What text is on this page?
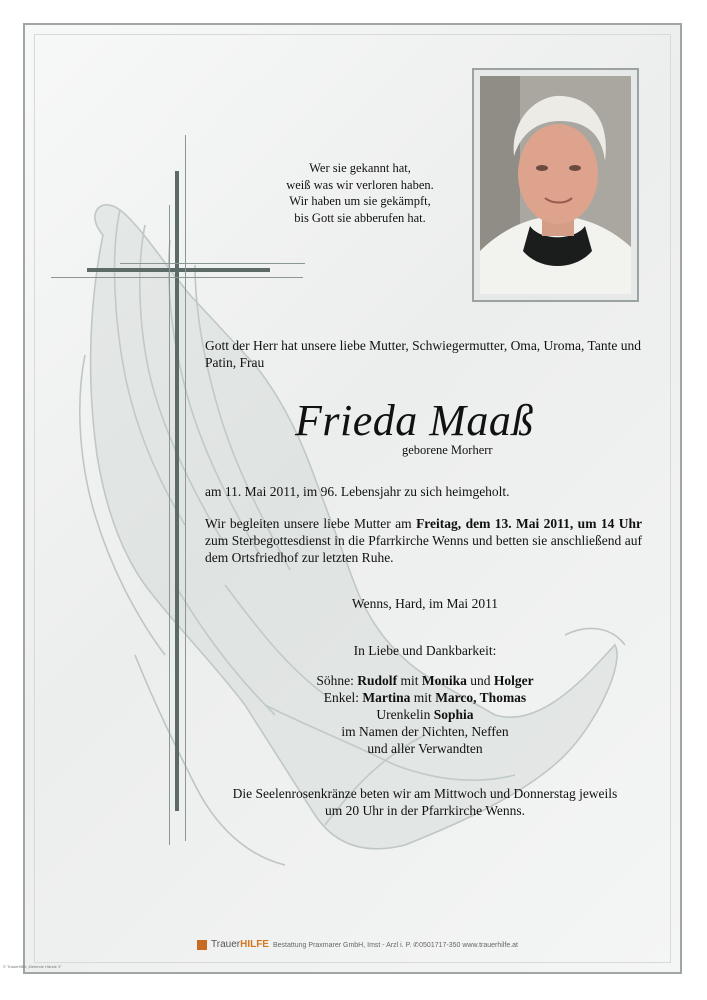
Wer sie gekannt hat,
weiß was wir verloren haben.
Wir haben um sie gekämpft,
bis Gott sie abberufen hat.
Gott der Herr hat unsere liebe Mutter, Schwiegermutter, Oma, Uroma, Tante und Patin, Frau
Frieda Maaß
geborene Morherr
am 11. Mai 2011, im 96. Lebensjahr zu sich heimgeholt.
Wir begleiten unsere liebe Mutter am Freitag, dem 13. Mai 2011, um 14 Uhr zum Sterbegottesdienst in die Pfarrkirche Wenns und betten sie anschließend auf dem Ortsfriedhof zur letzten Ruhe.
Wenns, Hard, im Mai 2011
In Liebe und Dankbarkeit:
Söhne: Rudolf mit Monika und Holger
Enkel: Martina mit Marco, Thomas
Urenkelin Sophia
im Namen der Nichten, Neffen
und aller Verwandten
Die Seelenrosenkränze beten wir am Mittwoch und Donnerstag jeweils
um 20 Uhr in der Pfarrkirche Wenns.
TrauerHILFE Bestattung Praxmarer GmbH, Imst - Arzl i. P. ✆0501717-350 www.trauerhilfe.at
© TrauerHilfe „Betende Hände 3"
